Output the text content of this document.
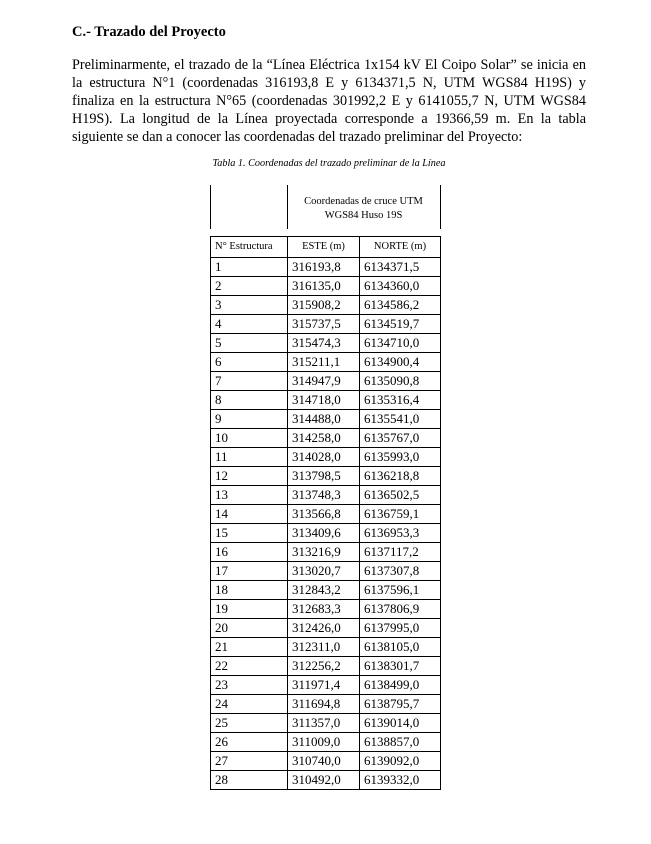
C.- Trazado del Proyecto
Preliminarmente, el trazado de la “Línea Eléctrica 1x154 kV El Coipo Solar” se inicia en la estructura N°1 (coordenadas 316193,8 E y 6134371,5 N, UTM WGS84 H19S) y finaliza en la estructura N°65 (coordenadas 301992,2 E y 6141055,7 N, UTM WGS84 H19S). La longitud de la Línea proyectada corresponde a 19366,59 m. En la tabla siguiente se dan a conocer las coordenadas del trazado preliminar del Proyecto:
Tabla 1. Coordenadas del trazado preliminar de la Línea
Coordenadas de cruce UTM
WGS84 Huso 19S
N° Estructura	ESTE (m)	NORTE (m)
1	316193,8	6134371,5
2	316135,0	6134360,0
3	315908,2	6134586,2
4	315737,5	6134519,7
5	315474,3	6134710,0
6	315211,1	6134900,4
7	314947,9	6135090,8
8	314718,0	6135316,4
9	314488,0	6135541,0
10	314258,0	6135767,0
11	314028,0	6135993,0
12	313798,5	6136218,8
13	313748,3	6136502,5
14	313566,8	6136759,1
15	313409,6	6136953,3
16	313216,9	6137117,2
17	313020,7	6137307,8
18	312843,2	6137596,1
19	312683,3	6137806,9
20	312426,0	6137995,0
21	312311,0	6138105,0
22	312256,2	6138301,7
23	311971,4	6138499,0
24	311694,8	6138795,7
25	311357,0	6139014,0
26	311009,0	6138857,0
27	310740,0	6139092,0
28	310492,0	6139332,0
